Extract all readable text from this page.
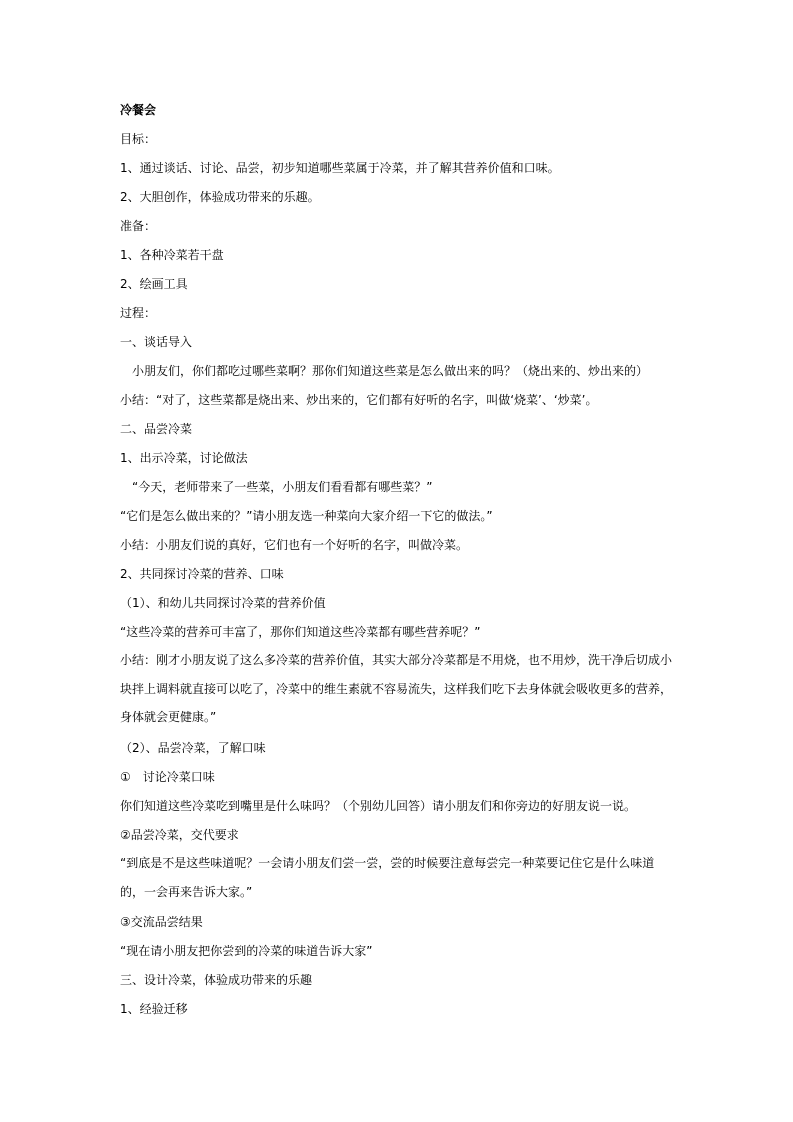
冷餐会
目标：
1、通过谈话、讨论、品尝，初步知道哪些菜属于冷菜，并了解其营养价值和口味。
2、大胆创作，体验成功带来的乐趣。
准备：
1、各种冷菜若干盘
2、绘画工具
过程：
一、谈话导入
　小朋友们，你们都吃过哪些菜啊？那你们知道这些菜是怎么做出来的吗？（烧出来的、炒出来的）
小结：“对了，这些菜都是烧出来、炒出来的，它们都有好听的名字，叫做‘烧菜’、‘炒菜’。
二、品尝冷菜
1、出示冷菜，讨论做法
　“今天，老师带来了一些菜，小朋友们看看都有哪些菜？”
“它们是怎么做出来的？”请小朋友选一种菜向大家介绍一下它的做法。”
小结：小朋友们说的真好，它们也有一个好听的名字，叫做冷菜。
2、共同探讨冷菜的营养、口味
（1）、和幼儿共同探讨冷菜的营养价值
“这些冷菜的营养可丰富了，那你们知道这些冷菜都有哪些营养呢？”
小结：刚才小朋友说了这么多冷菜的营养价值，其实大部分冷菜都是不用烧，也不用炒，洗干净后切成小块拌上调料就直接可以吃了，冷菜中的维生素就不容易流失，这样我们吃下去身体就会吸收更多的营养，身体就会更健康。”
（2）、品尝冷菜，了解口味
①　讨论冷菜口味
你们知道这些冷菜吃到嘴里是什么味吗？（个别幼儿回答）请小朋友们和你旁边的好朋友说一说。
②品尝冷菜，交代要求
“到底是不是这些味道呢？一会请小朋友们尝一尝，尝的时候要注意每尝完一种菜要记住它是什么味道的，一会再来告诉大家。”
③交流品尝结果
“现在请小朋友把你尝到的冷菜的味道告诉大家”
三、设计冷菜，体验成功带来的乐趣
1、经验迁移
